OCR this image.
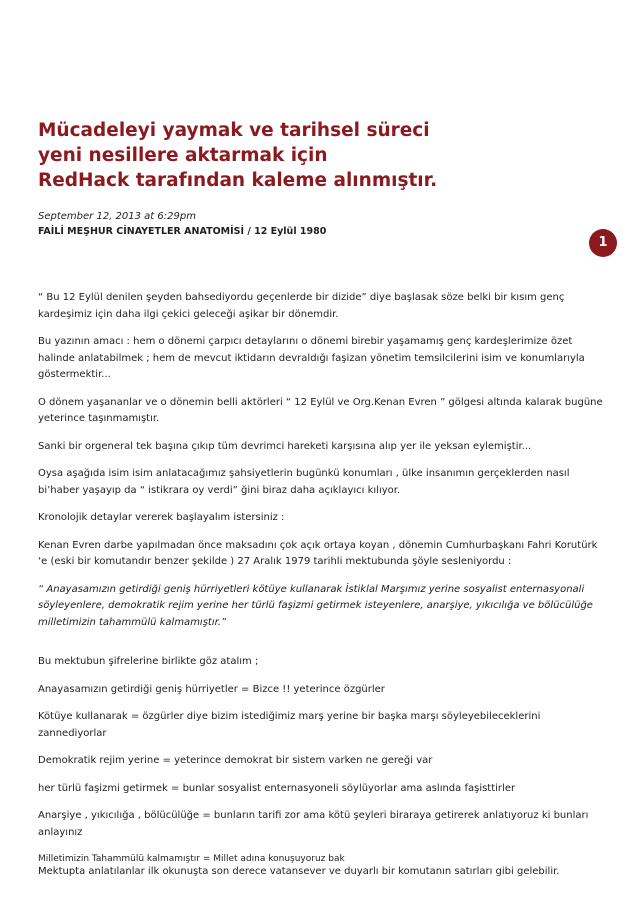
Mücadeleyi yaymak ve tarihsel süreci
yeni nesillere aktarmak için
RedHack tarafından kaleme alınmıştır.
September 12, 2013 at 6:29pm
FAİLİ MEŞHUR CİNAYETLER ANATOMİSİ / 12 Eylül 1980
1

“ Bu 12 Eylül denilen şeyden bahsediyordu geçenlerde bir dizide” diye başlasak söze belki bir kısım genç kardeşimiz için daha ilgi çekici geleceği aşikar bir dönemdir.

Bu yazının amacı : hem o dönemi çarpıcı detaylarını o dönemi birebir yaşamamış genç kardeşlerimize özet halinde anlatabilmek ; hem de mevcut iktidarın devraldığı faşizan yönetim temsilcilerini isim ve konumlarıyla göstermektir...

O dönem yaşananlar ve o dönemin belli aktörleri “ 12 Eylül ve Org.Kenan Evren ” gölgesi altında kalarak bugüne yeterince taşınmamıştır.

Sanki bir orgeneral tek başına çıkıp tüm devrimci hareketi karşısına alıp yer ile yeksan eylemiştir...

Oysa aşağıda isim isim anlatacağımız şahsiyetlerin bugünkü konumları , ülke insanımın gerçeklerden nasıl bi’haber yaşayıp da “ istikrara oy verdi” ğini biraz daha açıklayıcı kılıyor.

Kronolojik detaylar vererek başlayalım istersiniz :

Kenan Evren darbe yapılmadan önce maksadını çok açık ortaya koyan , dönemin Cumhurbaşkanı Fahri Korutürk ‘e (eski bir komutandır benzer şekilde ) 27 Aralık 1979 tarihli mektubunda şöyle sesleniyordu :

“ Anayasamızın getirdiği geniş hürriyetleri kötüye kullanarak İstiklal Marşımız yerine sosyalist enternasyonali söyleyenlere, demokratik rejim yerine her türlü faşizmi getirmek isteyenlere, anarşiye, yıkıcılığa ve bölücülüğe milletimizin tahammülü kalmamıştır.”

Bu mektubun şifrelerine birlikte göz atalım ;

Anayasamızın getirdiği geniş hürriyetler = Bizce !! yeterince özgürler

Kötüye kullanarak = özgürler diye bizim istediğimiz marş yerine bir başka marşı söyleyebileceklerini zannediyorlar

Demokratik rejim yerine = yeterince demokrat bir sistem varken ne gereği var

her türlü faşizmi getirmek = bunlar sosyalist enternasyoneli söylüyorlar ama aslında faşisttirler

Anarşiye , yıkıcılığa , bölücülüğe = bunların tarifi zor ama kötü şeyleri biraraya getirerek anlatıyoruz ki bunları anlayınız

Milletimizin Tahammülü kalmamıştır = Millet adına konuşuyoruz bak

Mektupta anlatılanlar ilk okunuşta son derece vatansever ve duyarlı bir komutanın satırları gibi gelebilir.
